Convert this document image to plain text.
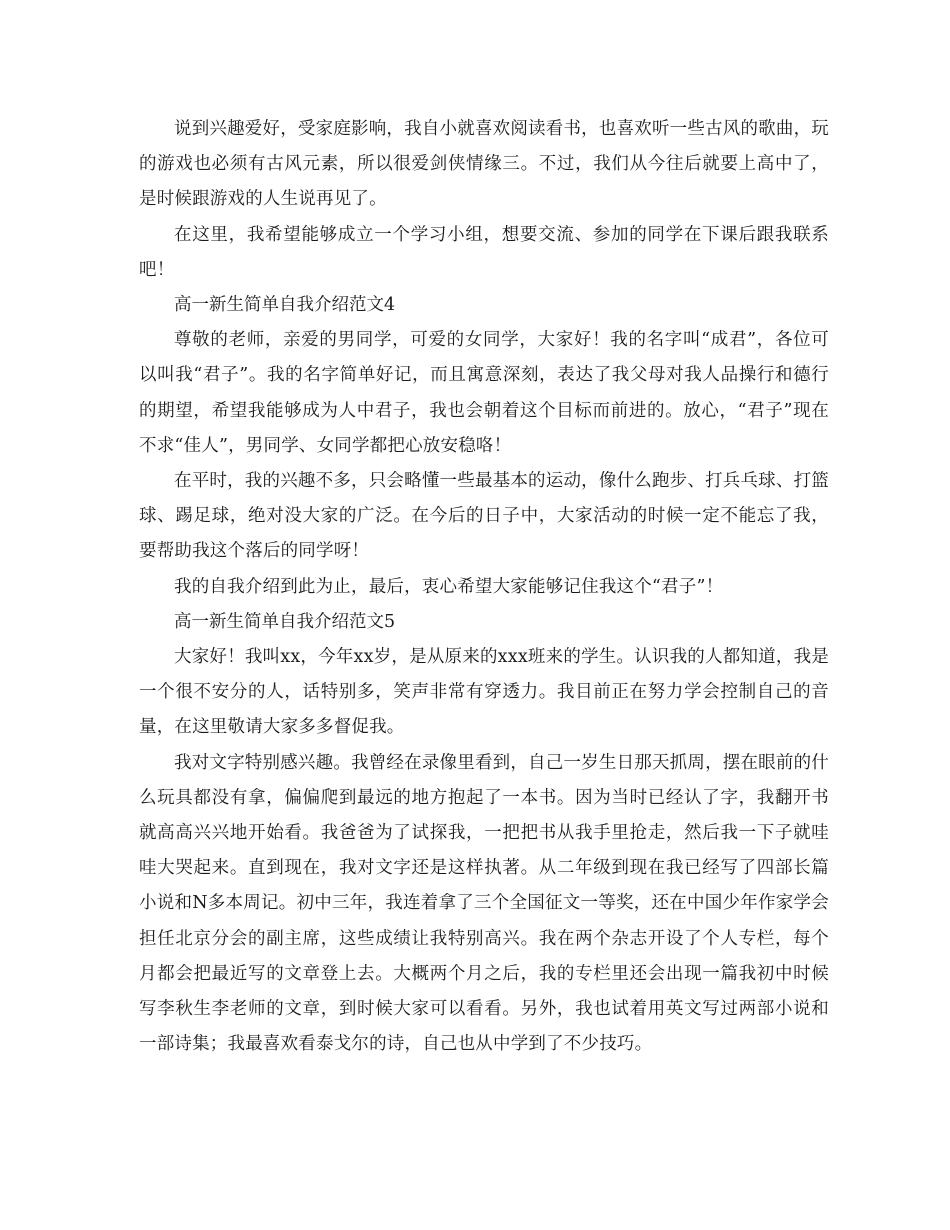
说到兴趣爱好，受家庭影响，我自小就喜欢阅读看书，也喜欢听一些古风的歌曲，玩的游戏也必须有古风元素，所以很爱剑侠情缘三。不过，我们从今往后就要上高中了，是时候跟游戏的人生说再见了。

在这里，我希望能够成立一个学习小组，想要交流、参加的同学在下课后跟我联系吧！

高一新生简单自我介绍范文4

尊敬的老师，亲爱的男同学，可爱的女同学，大家好！我的名字叫“成君”，各位可以叫我“君子”。我的名字简单好记，而且寓意深刻，表达了我父母对我人品操行和德行的期望，希望我能够成为人中君子，我也会朝着这个目标而前进的。放心，“君子”现在不求“佳人”，男同学、女同学都把心放安稳咯！

在平时，我的兴趣不多，只会略懂一些最基本的运动，像什么跑步、打兵乓球、打篮球、踢足球，绝对没大家的广泛。在今后的日子中，大家活动的时候一定不能忘了我，要帮助我这个落后的同学呀！

我的自我介绍到此为止，最后，衷心希望大家能够记住我这个“君子”！

高一新生简单自我介绍范文5

大家好！我叫xx，今年xx岁，是从原来的xxx班来的学生。认识我的人都知道，我是一个很不安分的人，话特别多，笑声非常有穿透力。我目前正在努力学会控制自己的音量，在这里敬请大家多多督促我。

我对文字特别感兴趣。我曾经在录像里看到，自己一岁生日那天抓周，摆在眼前的什么玩具都没有拿，偏偏爬到最远的地方抱起了一本书。因为当时已经认了字，我翻开书就高高兴兴地开始看。我爸爸为了试探我，一把把书从我手里抢走，然后我一下子就哇哇大哭起来。直到现在，我对文字还是这样执著。从二年级到现在我已经写了四部长篇小说和N多本周记。初中三年，我连着拿了三个全国征文一等奖，还在中国少年作家学会担任北京分会的副主席，这些成绩让我特别高兴。我在两个杂志开设了个人专栏，每个月都会把最近写的文章登上去。大概两个月之后，我的专栏里还会出现一篇我初中时候写李秋生李老师的文章，到时候大家可以看看。另外，我也试着用英文写过两部小说和一部诗集；我最喜欢看泰戈尔的诗，自己也从中学到了不少技巧。
